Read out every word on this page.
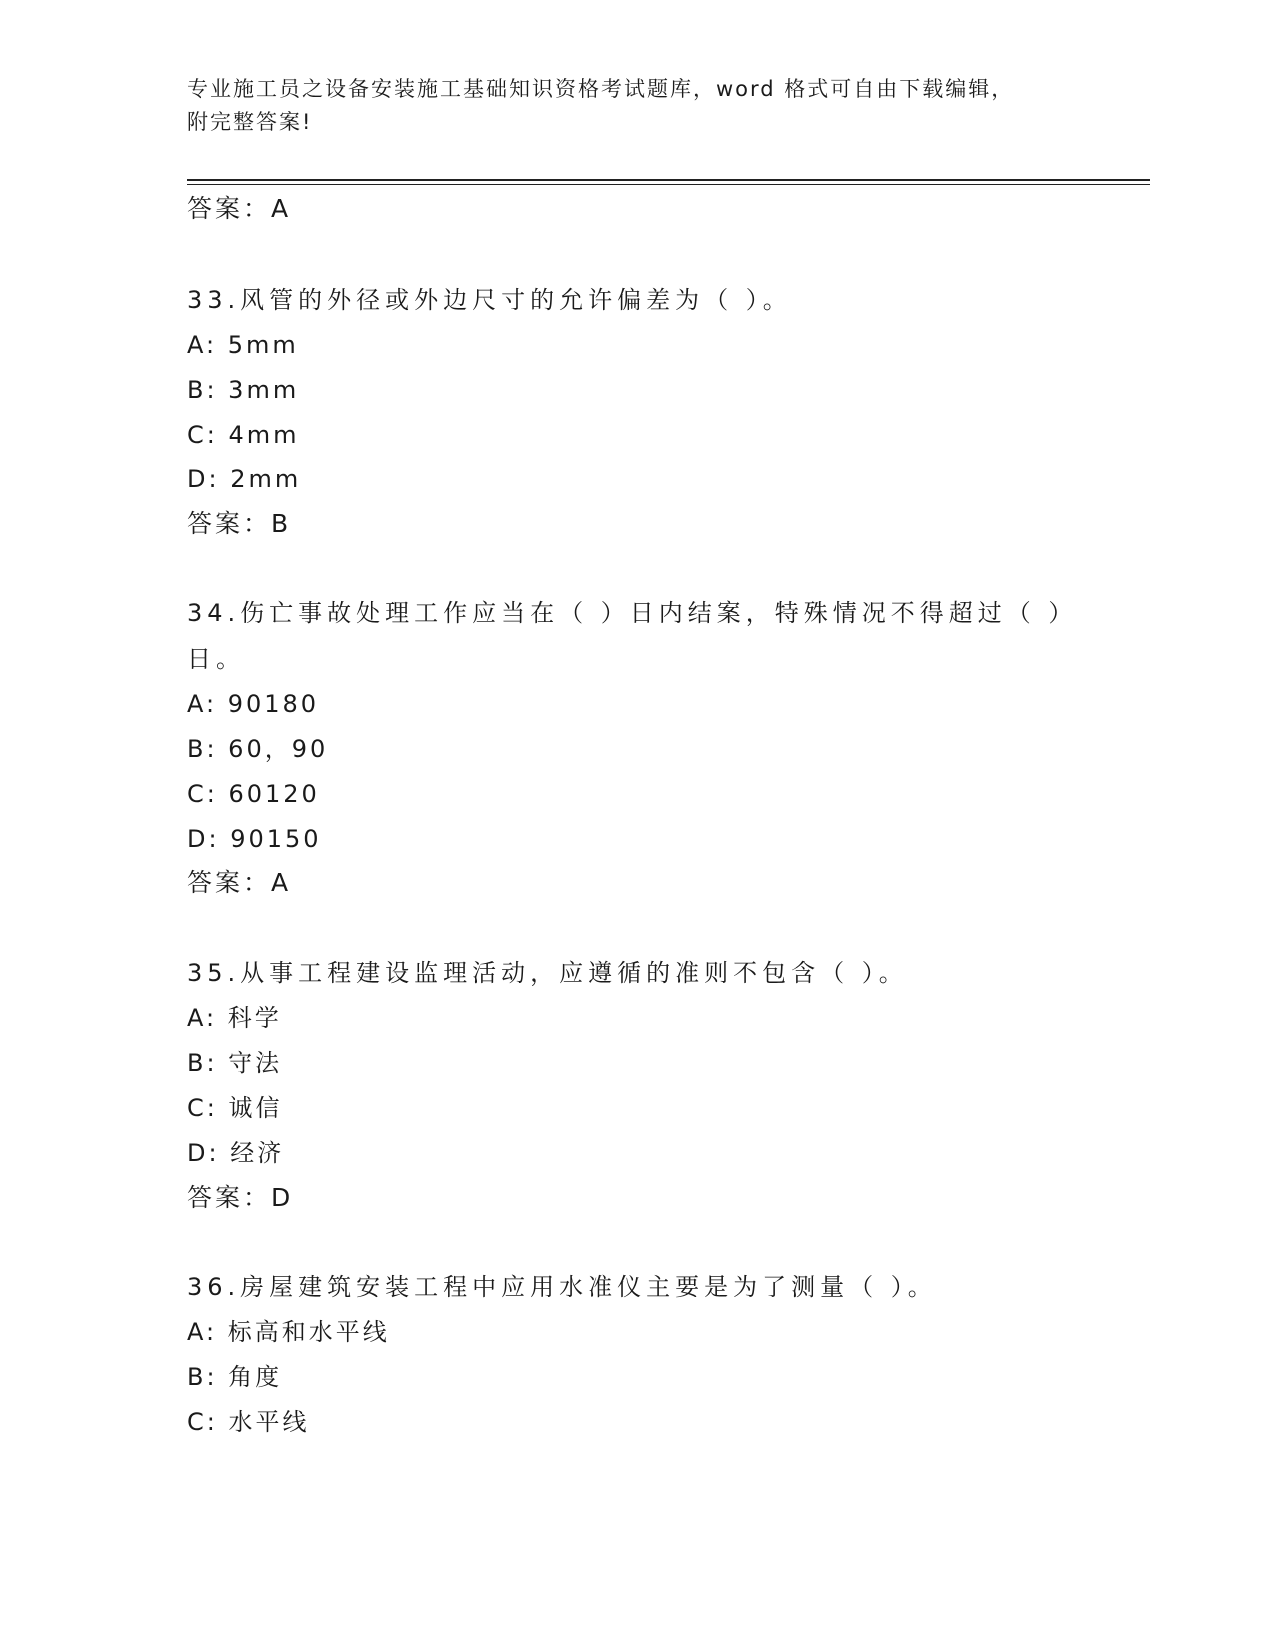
专业施工员之设备安装施工基础知识资格考试题库，word 格式可自由下载编辑，
附完整答案!
答案：A
33.风管的外径或外边尺寸的允许偏差为（ ）。
A: 5mm
B: 3mm
C: 4mm
D: 2mm
答案：B
34.伤亡事故处理工作应当在（ ）日内结案，特殊情况不得超过（ ）
日。
A: 90180
B: 60，90
C: 60120
D: 90150
答案：A
35.从事工程建设监理活动，应遵循的准则不包含（ ）。
A: 科学
B: 守法
C: 诚信
D: 经济
答案：D
36.房屋建筑安装工程中应用水准仪主要是为了测量（ ）。
A: 标高和水平线
B: 角度
C: 水平线
